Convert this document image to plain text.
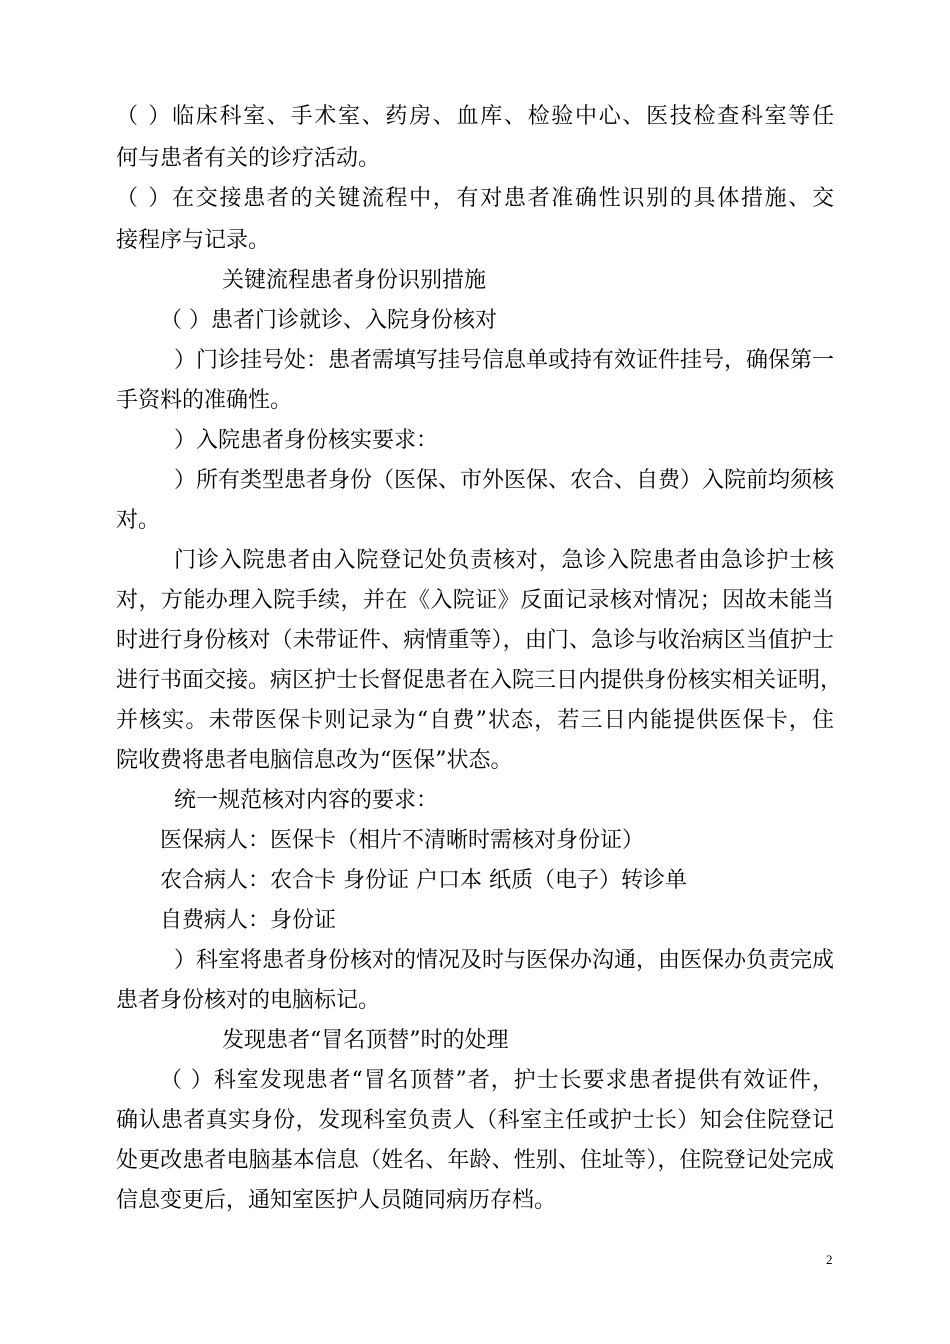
（ ）临床科室、手术室、药房、血库、检验中心、医技检查科室等任
何与患者有关的诊疗活动。
（ ）在交接患者的关键流程中，有对患者准确性识别的具体措施、交
接程序与记录。
关键流程患者身份识别措施
（ ）患者门诊就诊、入院身份核对
）门诊挂号处：患者需填写挂号信息单或持有效证件挂号，确保第一
手资料的准确性。
）入院患者身份核实要求：
）所有类型患者身份（医保、市外医保、农合、自费）入院前均须核
对。
门诊入院患者由入院登记处负责核对，急诊入院患者由急诊护士核
对，方能办理入院手续，并在《入院证》反面记录核对情况；因故未能当
时进行身份核对（未带证件、病情重等），由门、急诊与收治病区当值护士
进行书面交接。病区护士长督促患者在入院三日内提供身份核实相关证明，
并核实。未带医保卡则记录为“自费”状态，若三日内能提供医保卡，住
院收费将患者电脑信息改为“医保”状态。
统一规范核对内容的要求：
医保病人：医保卡（相片不清晰时需核对身份证）
农合病人：农合卡 身份证 户口本 纸质（电子）转诊单
自费病人：身份证
）科室将患者身份核对的情况及时与医保办沟通，由医保办负责完成
患者身份核对的电脑标记。
发现患者“冒名顶替”时的处理
（ ）科室发现患者“冒名顶替”者，护士长要求患者提供有效证件，
确认患者真实身份，发现科室负责人（科室主任或护士长）知会住院登记
处更改患者电脑基本信息（姓名、年龄、性别、住址等），住院登记处完成
信息变更后，通知室医护人员随同病历存档。
2
